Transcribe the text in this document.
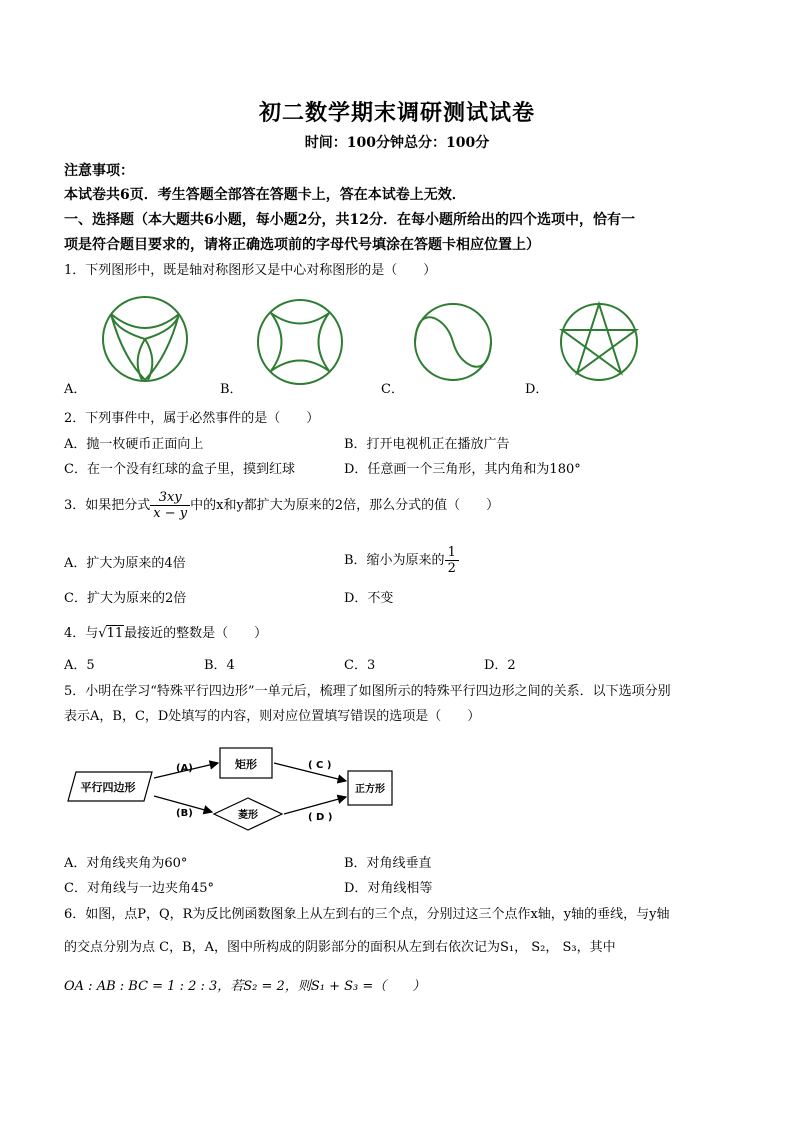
初二数学期末调研测试试卷
时间：100分钟总分：100分
注意事项：
本试卷共6页．考生答题全部答在答题卡上，答在本试卷上无效．
一、选择题（本大题共6小题，每小题2分，共12分．在每小题所给出的四个选项中，恰有一
项是符合题目要求的，请将正确选项前的字母代号填涂在答题卡相应位置上）
1．下列图形中，既是轴对称图形又是中心对称图形的是（　　）
A．	B．	C．	D．
2．下列事件中，属于必然事件的是（　　）
A．抛一枚硬币正面向上	B．打开电视机正在播放广告
C．在一个没有红球的盒子里，摸到红球	D．任意画一个三角形，其内角和为180°
3．如果把分式 $\frac{3xy}{x - y}$ 中的x和y都扩大为原来的2倍，那么分式的值（　　）
A．扩大为原来的4倍	B．缩小为原来的 $\frac{1}{2}$
C．扩大为原来的2倍	D．不变
4．与√11最接近的整数是（　　）
A．5	B．4	C．3	D．2
5．小明在学习“特殊平行四边形”一单元后，梳理了如图所示的特殊平行四边形之间的关系．以下选项分别
表示A，B，C，D处填写的内容，则对应位置填写错误的选项是（　　）
平行四边形
矩形
菱形
正方形
(A)
(B)
( C )
( D )
A．对角线夹角为60°	B．对角线垂直
C．对角线与一边夹角45°	D．对角线相等
6．如图，点P，Q，R为反比例函数图象上从左到右的三个点，分别过这三个点作x轴，y轴的垂线，与y轴
的交点分别为点 C，B，A，图中所构成的阴影部分的面积从左到右依次记为S₁， S₂， S₃，其中
OA : AB : BC = 1 : 2 : 3，若S₂ = 2，则S₁ + S₃ =（　　）
